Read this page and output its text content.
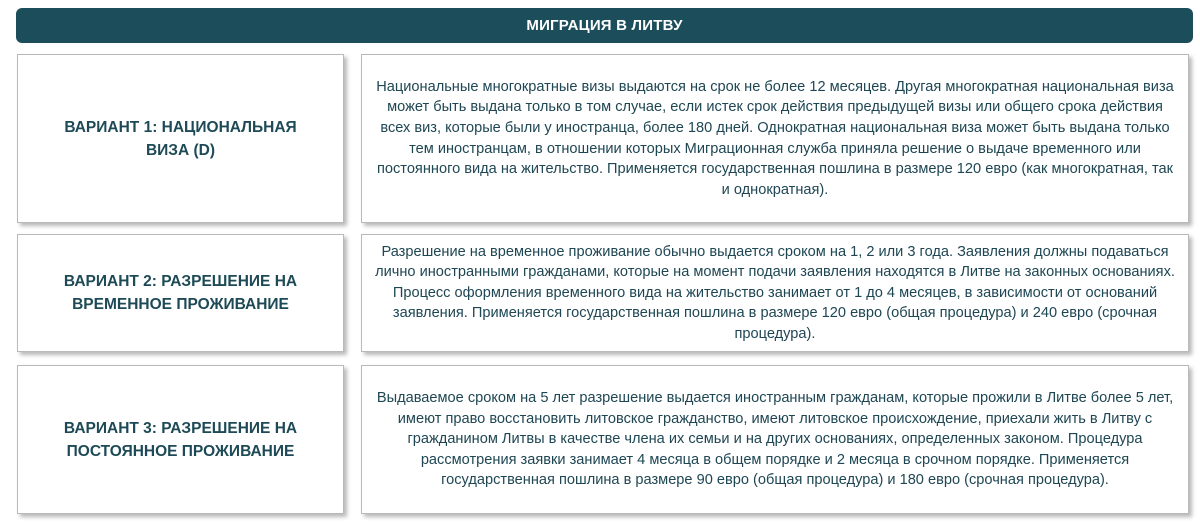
МИГРАЦИЯ В ЛИТВУ
ВАРИАНТ 1: НАЦИОНАЛЬНАЯ ВИЗА (D)
Национальные многократные визы выдаются на срок не более 12 месяцев. Другая многократная национальная виза может быть выдана только в том случае, если истек срок действия предыдущей визы или общего срока действия всех виз, которые были у иностранца, более 180 дней. Однократная национальная виза может быть выдана только тем иностранцам, в отношении которых Миграционная служба приняла решение о выдаче временного или постоянного вида на жительство. Применяется государственная пошлина в размере 120 евро (как многократная, так и однократная).
ВАРИАНТ 2: РАЗРЕШЕНИЕ НА ВРЕМЕННОЕ ПРОЖИВАНИЕ
Разрешение на временное проживание обычно выдается сроком на 1, 2 или 3 года. Заявления должны подаваться лично иностранными гражданами, которые на момент подачи заявления находятся в Литве на законных основаниях. Процесс оформления временного вида на жительство занимает от 1 до 4 месяцев, в зависимости от оснований заявления. Применяется государственная пошлина в размере 120 евро (общая процедура) и 240 евро (срочная процедура).
ВАРИАНТ 3: РАЗРЕШЕНИЕ НА ПОСТОЯННОЕ ПРОЖИВАНИЕ
Выдаваемое сроком на 5 лет разрешение выдается иностранным гражданам, которые прожили в Литве более 5 лет, имеют право восстановить литовское гражданство, имеют литовское происхождение, приехали жить в Литву с гражданином Литвы в качестве члена их семьи и на других основаниях, определенных законом. Процедура рассмотрения заявки занимает 4 месяца в общем порядке и 2 месяца в срочном порядке. Применяется государственная пошлина в размере 90 евро (общая процедура) и 180 евро (срочная процедура).
